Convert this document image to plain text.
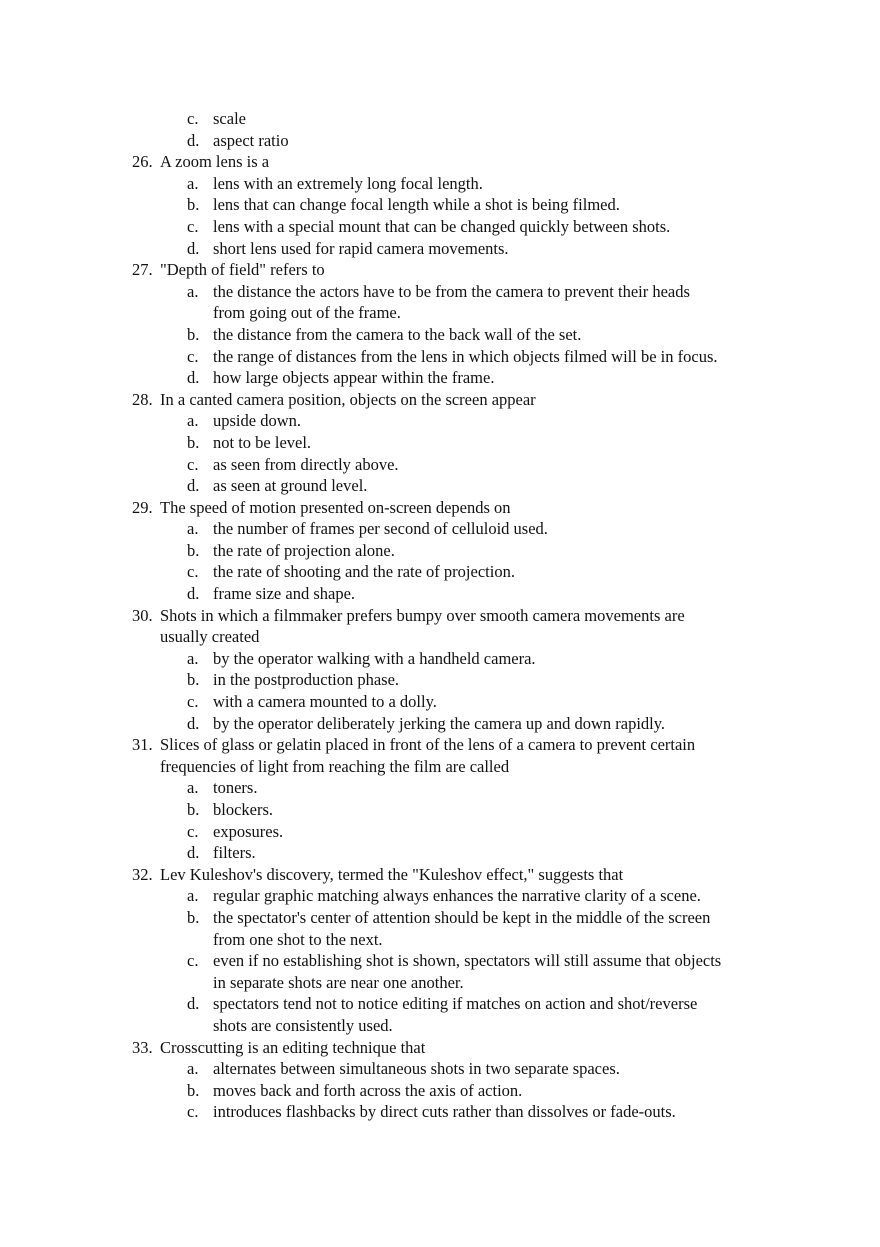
c. scale
d. aspect ratio
26. A zoom lens is a
a. lens with an extremely long focal length.
b. lens that can change focal length while a shot is being filmed.
c. lens with a special mount that can be changed quickly between shots.
d. short lens used for rapid camera movements.
27. "Depth of field" refers to
a. the distance the actors have to be from the camera to prevent their heads
from going out of the frame.
b. the distance from the camera to the back wall of the set.
c. the range of distances from the lens in which objects filmed will be in focus.
d. how large objects appear within the frame.
28. In a canted camera position, objects on the screen appear
a. upside down.
b. not to be level.
c. as seen from directly above.
d. as seen at ground level.
29. The speed of motion presented on-screen depends on
a. the number of frames per second of celluloid used.
b. the rate of projection alone.
c. the rate of shooting and the rate of projection.
d. frame size and shape.
30. Shots in which a filmmaker prefers bumpy over smooth camera movements are
usually created
a. by the operator walking with a handheld camera.
b. in the postproduction phase.
c. with a camera mounted to a dolly.
d. by the operator deliberately jerking the camera up and down rapidly.
31. Slices of glass or gelatin placed in front of the lens of a camera to prevent certain
frequencies of light from reaching the film are called
a. toners.
b. blockers.
c. exposures.
d. filters.
32. Lev Kuleshov's discovery, termed the "Kuleshov effect," suggests that
a. regular graphic matching always enhances the narrative clarity of a scene.
b. the spectator's center of attention should be kept in the middle of the screen
from one shot to the next.
c. even if no establishing shot is shown, spectators will still assume that objects
in separate shots are near one another.
d. spectators tend not to notice editing if matches on action and shot/reverse
shots are consistently used.
33. Crosscutting is an editing technique that
a. alternates between simultaneous shots in two separate spaces.
b. moves back and forth across the axis of action.
c. introduces flashbacks by direct cuts rather than dissolves or fade-outs.
